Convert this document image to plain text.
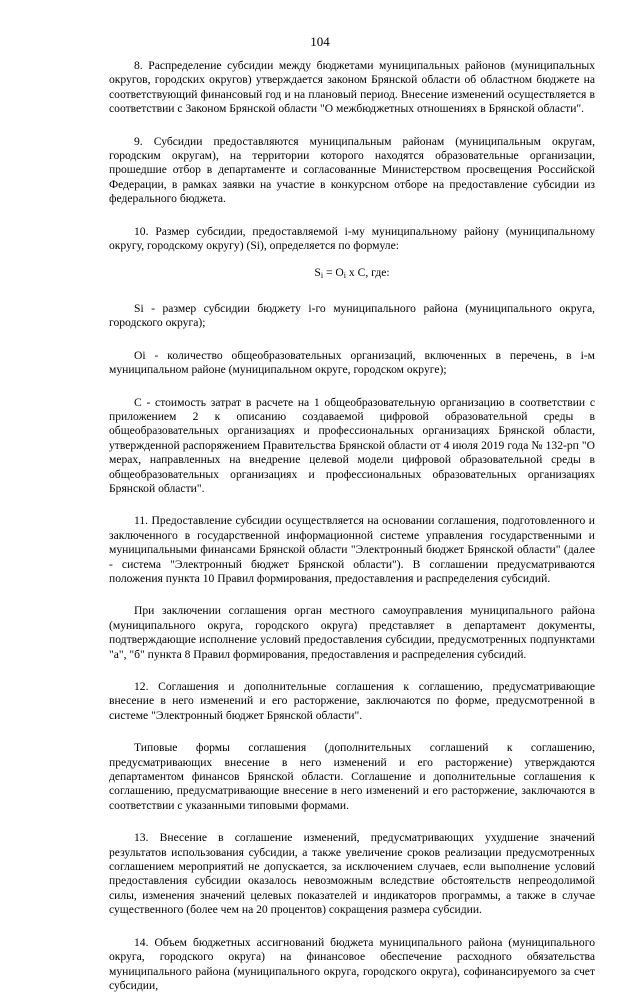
104

8. Распределение субсидии между бюджетами муниципальных районов (муниципальных округов, городских округов) утверждается законом Брянской области об областном бюджете на соответствующий финансовый год и на плановый период. Внесение изменений осуществляется в соответствии с Законом Брянской области "О межбюджетных отношениях в Брянской области".

9. Субсидии предоставляются муниципальным районам (муниципальным округам, городским округам), на территории которого находятся образовательные организации, прошедшие отбор в департаменте и согласованные Министерством просвещения Российской Федерации, в рамках заявки на участие в конкурсном отборе на предоставление субсидии из федерального бюджета.

10. Размер субсидии, предоставляемой i-му муниципальному району (муниципальному округу, городскому округу) (Si), определяется по формуле:

$S_i = O_i$ x C, где:

Si - размер субсидии бюджету i-го муниципального района (муниципального округа, городского округа);

Oi - количество общеобразовательных организаций, включенных в перечень, в i-м муниципальном районе (муниципальном округе, городском округе);

С - стоимость затрат в расчете на 1 общеобразовательную организацию в соответствии с приложением 2 к описанию создаваемой цифровой образовательной среды в общеобразовательных организациях и профессиональных организациях Брянской области, утвержденной распоряжением Правительства Брянской области от 4 июля 2019 года № 132-рп "О мерах, направленных на внедрение целевой модели цифровой образовательной среды в общеобразовательных организациях и профессиональных образовательных организациях Брянской области".

11. Предоставление субсидии осуществляется на основании соглашения, подготовленного и заключенного в государственной информационной системе управления государственными и муниципальными финансами Брянской области "Электронный бюджет Брянской области" (далее - система "Электронный бюджет Брянской области"). В соглашении предусматриваются положения пункта 10 Правил формирования, предоставления и распределения субсидий.

При заключении соглашения орган местного самоуправления муниципального района (муниципального округа, городского округа) представляет в департамент документы, подтверждающие исполнение условий предоставления субсидии, предусмотренных подпунктами "а", "б" пункта 8 Правил формирования, предоставления и распределения субсидий.

12. Соглашения и дополнительные соглашения к соглашению, предусматривающие внесение в него изменений и его расторжение, заключаются по форме, предусмотренной в системе "Электронный бюджет Брянской области".

Типовые формы соглашения (дополнительных соглашений к соглашению, предусматривающих внесение в него изменений и его расторжение) утверждаются департаментом финансов Брянской области. Соглашение и дополнительные соглашения к соглашению, предусматривающие внесение в него изменений и его расторжение, заключаются в соответствии с указанными типовыми формами.

13. Внесение в соглашение изменений, предусматривающих ухудшение значений результатов использования субсидии, а также увеличение сроков реализации предусмотренных соглашением мероприятий не допускается, за исключением случаев, если выполнение условий предоставления субсидии оказалось невозможным вследствие обстоятельств непреодолимой силы, изменения значений целевых показателей и индикаторов программы, а также в случае существенного (более чем на 20 процентов) сокращения размера субсидии.

14. Объем бюджетных ассигнований бюджета муниципального района (муниципального округа, городского округа) на финансовое обеспечение расходного обязательства муниципального района (муниципального округа, городского округа), софинансируемого за счет субсидии,
